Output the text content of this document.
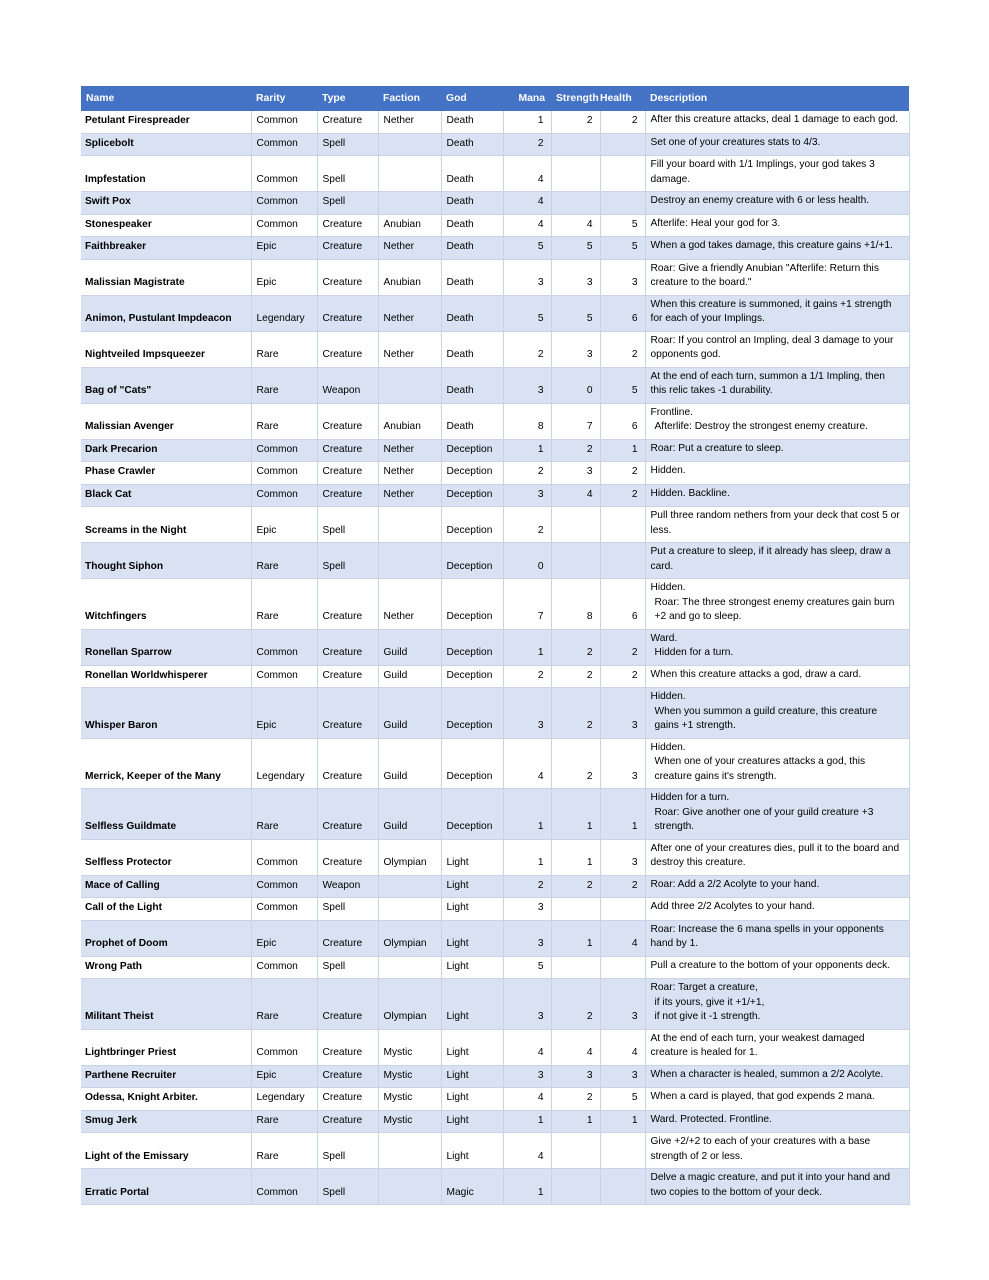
Name	Rarity	Type	Faction	God	Mana	Strength	Health	Description
Petulant Firespreader	Common	Creature	Nether	Death	1	2	2	After this creature attacks, deal 1 damage to each god.
Splicebolt	Common	Spell		Death	2			Set one of your creatures stats to 4/3.
Impfestation	Common	Spell		Death	4			Fill your board with 1/1 Implings, your god takes 3 damage.
Swift Pox	Common	Spell		Death	4			Destroy an enemy creature with 6 or less health.
Stonespeaker	Common	Creature	Anubian	Death	4	4	5	Afterlife: Heal your god for 3.
Faithbreaker	Epic	Creature	Nether	Death	5	5	5	When a god takes damage, this creature gains +1/+1.
Malissian Magistrate	Epic	Creature	Anubian	Death	3	3	3	Roar: Give a friendly Anubian "Afterlife: Return this creature to the board."
Animon, Pustulant Impdeacon	Legendary	Creature	Nether	Death	5	5	6	When this creature is summoned, it gains +1 strength for each of your Implings.
Nightveiled Impsqueezer	Rare	Creature	Nether	Death	2	3	2	Roar: If you control an Impling, deal 3 damage to your opponents god.
Bag of "Cats"	Rare	Weapon		Death	3	0	5	At the end of each turn, summon a 1/1 Impling, then this relic takes -1 durability.
Malissian Avenger	Rare	Creature	Anubian	Death	8	7	6	Frontline.
Afterlife: Destroy the strongest enemy creature.

Dark Precarion	Common	Creature	Nether	Deception	1	2	1	Roar: Put a creature to sleep.
Phase Crawler	Common	Creature	Nether	Deception	2	3	2	Hidden.
Black Cat	Common	Creature	Nether	Deception	3	4	2	Hidden. Backline.
Screams in the Night	Epic	Spell		Deception	2			Pull three random nethers from your deck that cost 5 or less.
Thought Siphon	Rare	Spell		Deception	0			Put a creature to sleep, if it already has sleep, draw a card.
Witchfingers	Rare	Creature	Nether	Deception	7	8	6	Hidden.
Roar: The three strongest enemy creatures gain burn +2 and go to sleep.

Ronellan Sparrow	Common	Creature	Guild	Deception	1	2	2	Ward.
Hidden for a turn.

Ronellan Worldwhisperer	Common	Creature	Guild	Deception	2	2	2	When this creature attacks a god, draw a card.
Whisper Baron	Epic	Creature	Guild	Deception	3	2	3	Hidden.
When you summon a guild creature, this creature gains +1 strength.

Merrick, Keeper of the Many	Legendary	Creature	Guild	Deception	4	2	3	Hidden.
When one of your creatures attacks a god, this creature gains it's strength.

Selfless Guildmate	Rare	Creature	Guild	Deception	1	1	1	Hidden for a turn.
Roar: Give another one of your guild creature +3 strength.

Selfless Protector	Common	Creature	Olympian	Light	1	1	3	After one of your creatures dies, pull it to the board and destroy this creature.
Mace of Calling	Common	Weapon		Light	2	2	2	Roar: Add a 2/2 Acolyte to your hand.
Call of the Light	Common	Spell		Light	3			Add three 2/2 Acolytes to your hand.
Prophet of Doom	Epic	Creature	Olympian	Light	3	1	4	Roar: Increase the 6 mana spells in your opponents hand by 1.
Wrong Path	Common	Spell		Light	5			Pull a creature to the bottom of your opponents deck.
Militant Theist	Rare	Creature	Olympian	Light	3	2	3	Roar: Target a creature,
if its yours, give it +1/+1,
if not give it -1 strength.

Lightbringer Priest	Common	Creature	Mystic	Light	4	4	4	At the end of each turn, your weakest damaged creature is healed for 1.
Parthene Recruiter	Epic	Creature	Mystic	Light	3	3	3	When a character is healed, summon a 2/2 Acolyte.
Odessa, Knight Arbiter.	Legendary	Creature	Mystic	Light	4	2	5	When a card is played, that god expends 2 mana.
Smug Jerk	Rare	Creature	Mystic	Light	1	1	1	Ward. Protected. Frontline.
Light of the Emissary	Rare	Spell		Light	4			Give +2/+2 to each of your creatures with a base strength of 2 or less.
Erratic Portal	Common	Spell		Magic	1			Delve a magic creature, and put it into your hand and two copies to the bottom of your deck.
